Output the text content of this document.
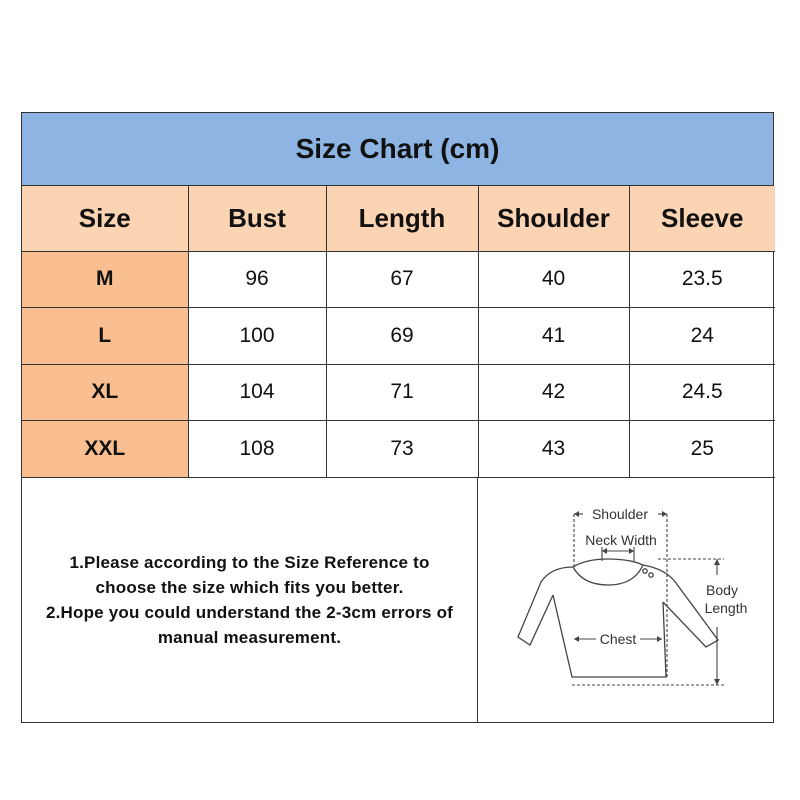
Size Chart (cm)
Size	Bust	Length	Shoulder	Sleeve
M	96	67	40	23.5
L	100	69	41	24
XL	104	71	42	24.5
XXL	108	73	43	25
1.Please according to the Size Reference to
choose the size which fits you better.
2.Hope you could understand the 2-3cm errors of
manual measurement.
Shoulder
Neck Width
Chest
Body
Length
